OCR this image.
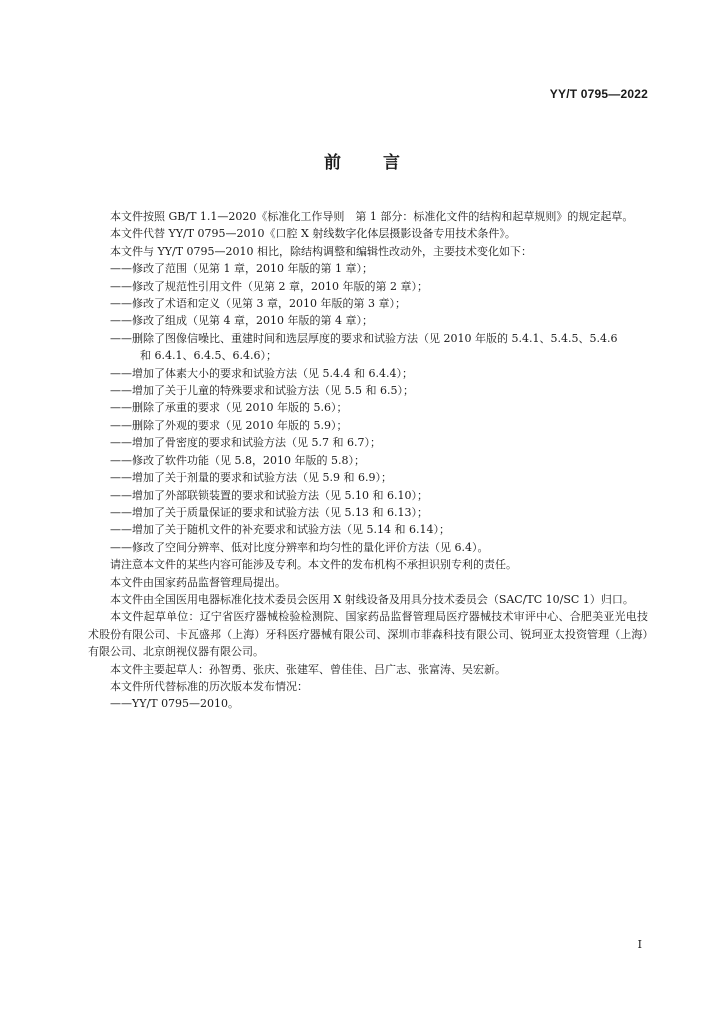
YY/T 0795—2022
前言

本文件按照 GB/T 1.1—2020《标准化工作导则　第 1 部分：标准化文件的结构和起草规则》的规定起草。

本文件代替 YY/T 0795—2010《口腔 X 射线数字化体层摄影设备专用技术条件》。

本文件与 YY/T 0795—2010 相比，除结构调整和编辑性改动外，主要技术变化如下：

——修改了范围（见第 1 章，2010 年版的第 1 章）；

——修改了规范性引用文件（见第 2 章，2010 年版的第 2 章）；

——修改了术语和定义（见第 3 章，2010 年版的第 3 章）；

——修改了组成（见第 4 章，2010 年版的第 4 章）；

——删除了图像信噪比、重建时间和选层厚度的要求和试验方法（见 2010 年版的 5.4.1、5.4.5、5.4.6

和 6.4.1、6.4.5、6.4.6）；

——增加了体素大小的要求和试验方法（见 5.4.4 和 6.4.4）；

——增加了关于儿童的特殊要求和试验方法（见 5.5 和 6.5）；

——删除了承重的要求（见 2010 年版的 5.6）；

——删除了外观的要求（见 2010 年版的 5.9）；

——增加了骨密度的要求和试验方法（见 5.7 和 6.7）；

——修改了软件功能（见 5.8，2010 年版的 5.8）；

——增加了关于剂量的要求和试验方法（见 5.9 和 6.9）；

——增加了外部联锁装置的要求和试验方法（见 5.10 和 6.10）；

——增加了关于质量保证的要求和试验方法（见 5.13 和 6.13）；

——增加了关于随机文件的补充要求和试验方法（见 5.14 和 6.14）；

——修改了空间分辨率、低对比度分辨率和均匀性的量化评价方法（见 6.4）。

请注意本文件的某些内容可能涉及专利。本文件的发布机构不承担识别专利的责任。

本文件由国家药品监督管理局提出。

本文件由全国医用电器标准化技术委员会医用 X 射线设备及用具分技术委员会（SAC/TC 10/SC 1）归口。

本文件起草单位：辽宁省医疗器械检验检测院、国家药品监督管理局医疗器械技术审评中心、合肥美亚光电技术股份有限公司、卡瓦盛邦（上海）牙科医疗器械有限公司、深圳市菲森科技有限公司、锐珂亚太投资管理（上海）有限公司、北京朗视仪器有限公司。

本文件主要起草人：孙智勇、张庆、张建军、曾佳佳、吕广志、张富涛、吴宏新。

本文件所代替标准的历次版本发布情况：

——YY/T 0795—2010。

I
